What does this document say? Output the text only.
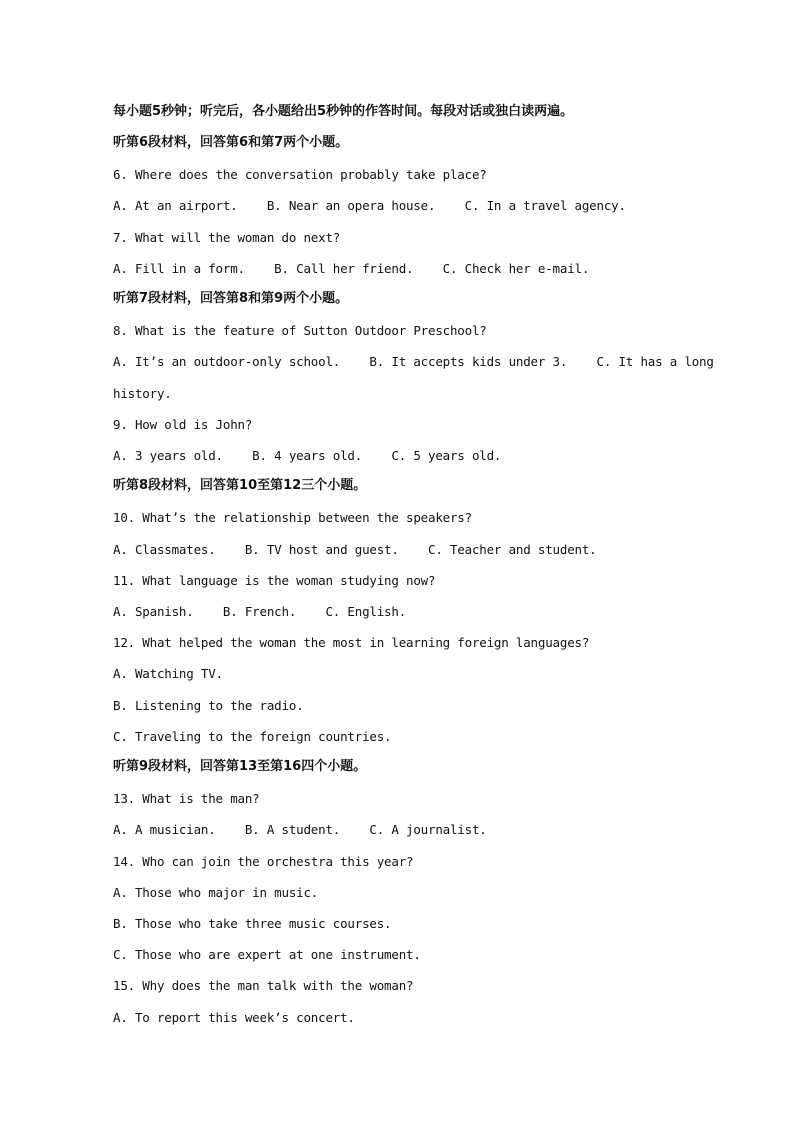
每小题5秒钟；听完后，各小题给出5秒钟的作答时间。每段对话或独白读两遍。
听第6段材料，回答第6和第7两个小题。
6. Where does the conversation probably take place?
A. At an airport.    B. Near an opera house.    C. In a travel agency.
7. What will the woman do next?
A. Fill in a form.    B. Call her friend.    C. Check her e-mail.
听第7段材料，回答第8和第9两个小题。
8. What is the feature of Sutton Outdoor Preschool?
A. It’s an outdoor-only school.    B. It accepts kids under 3.    C. It has a long
history.
9. How old is John?
A. 3 years old.    B. 4 years old.    C. 5 years old.
听第8段材料，回答第10至第12三个小题。
10. What’s the relationship between the speakers?
A. Classmates.    B. TV host and guest.    C. Teacher and student.
11. What language is the woman studying now?
A. Spanish.    B. French.    C. English.
12. What helped the woman the most in learning foreign languages?
A. Watching TV.
B. Listening to the radio.
C. Traveling to the foreign countries.
听第9段材料，回答第13至第16四个小题。
13. What is the man?
A. A musician.    B. A student.    C. A journalist.
14. Who can join the orchestra this year?
A. Those who major in music.
B. Those who take three music courses.
C. Those who are expert at one instrument.
15. Why does the man talk with the woman?
A. To report this week’s concert.
